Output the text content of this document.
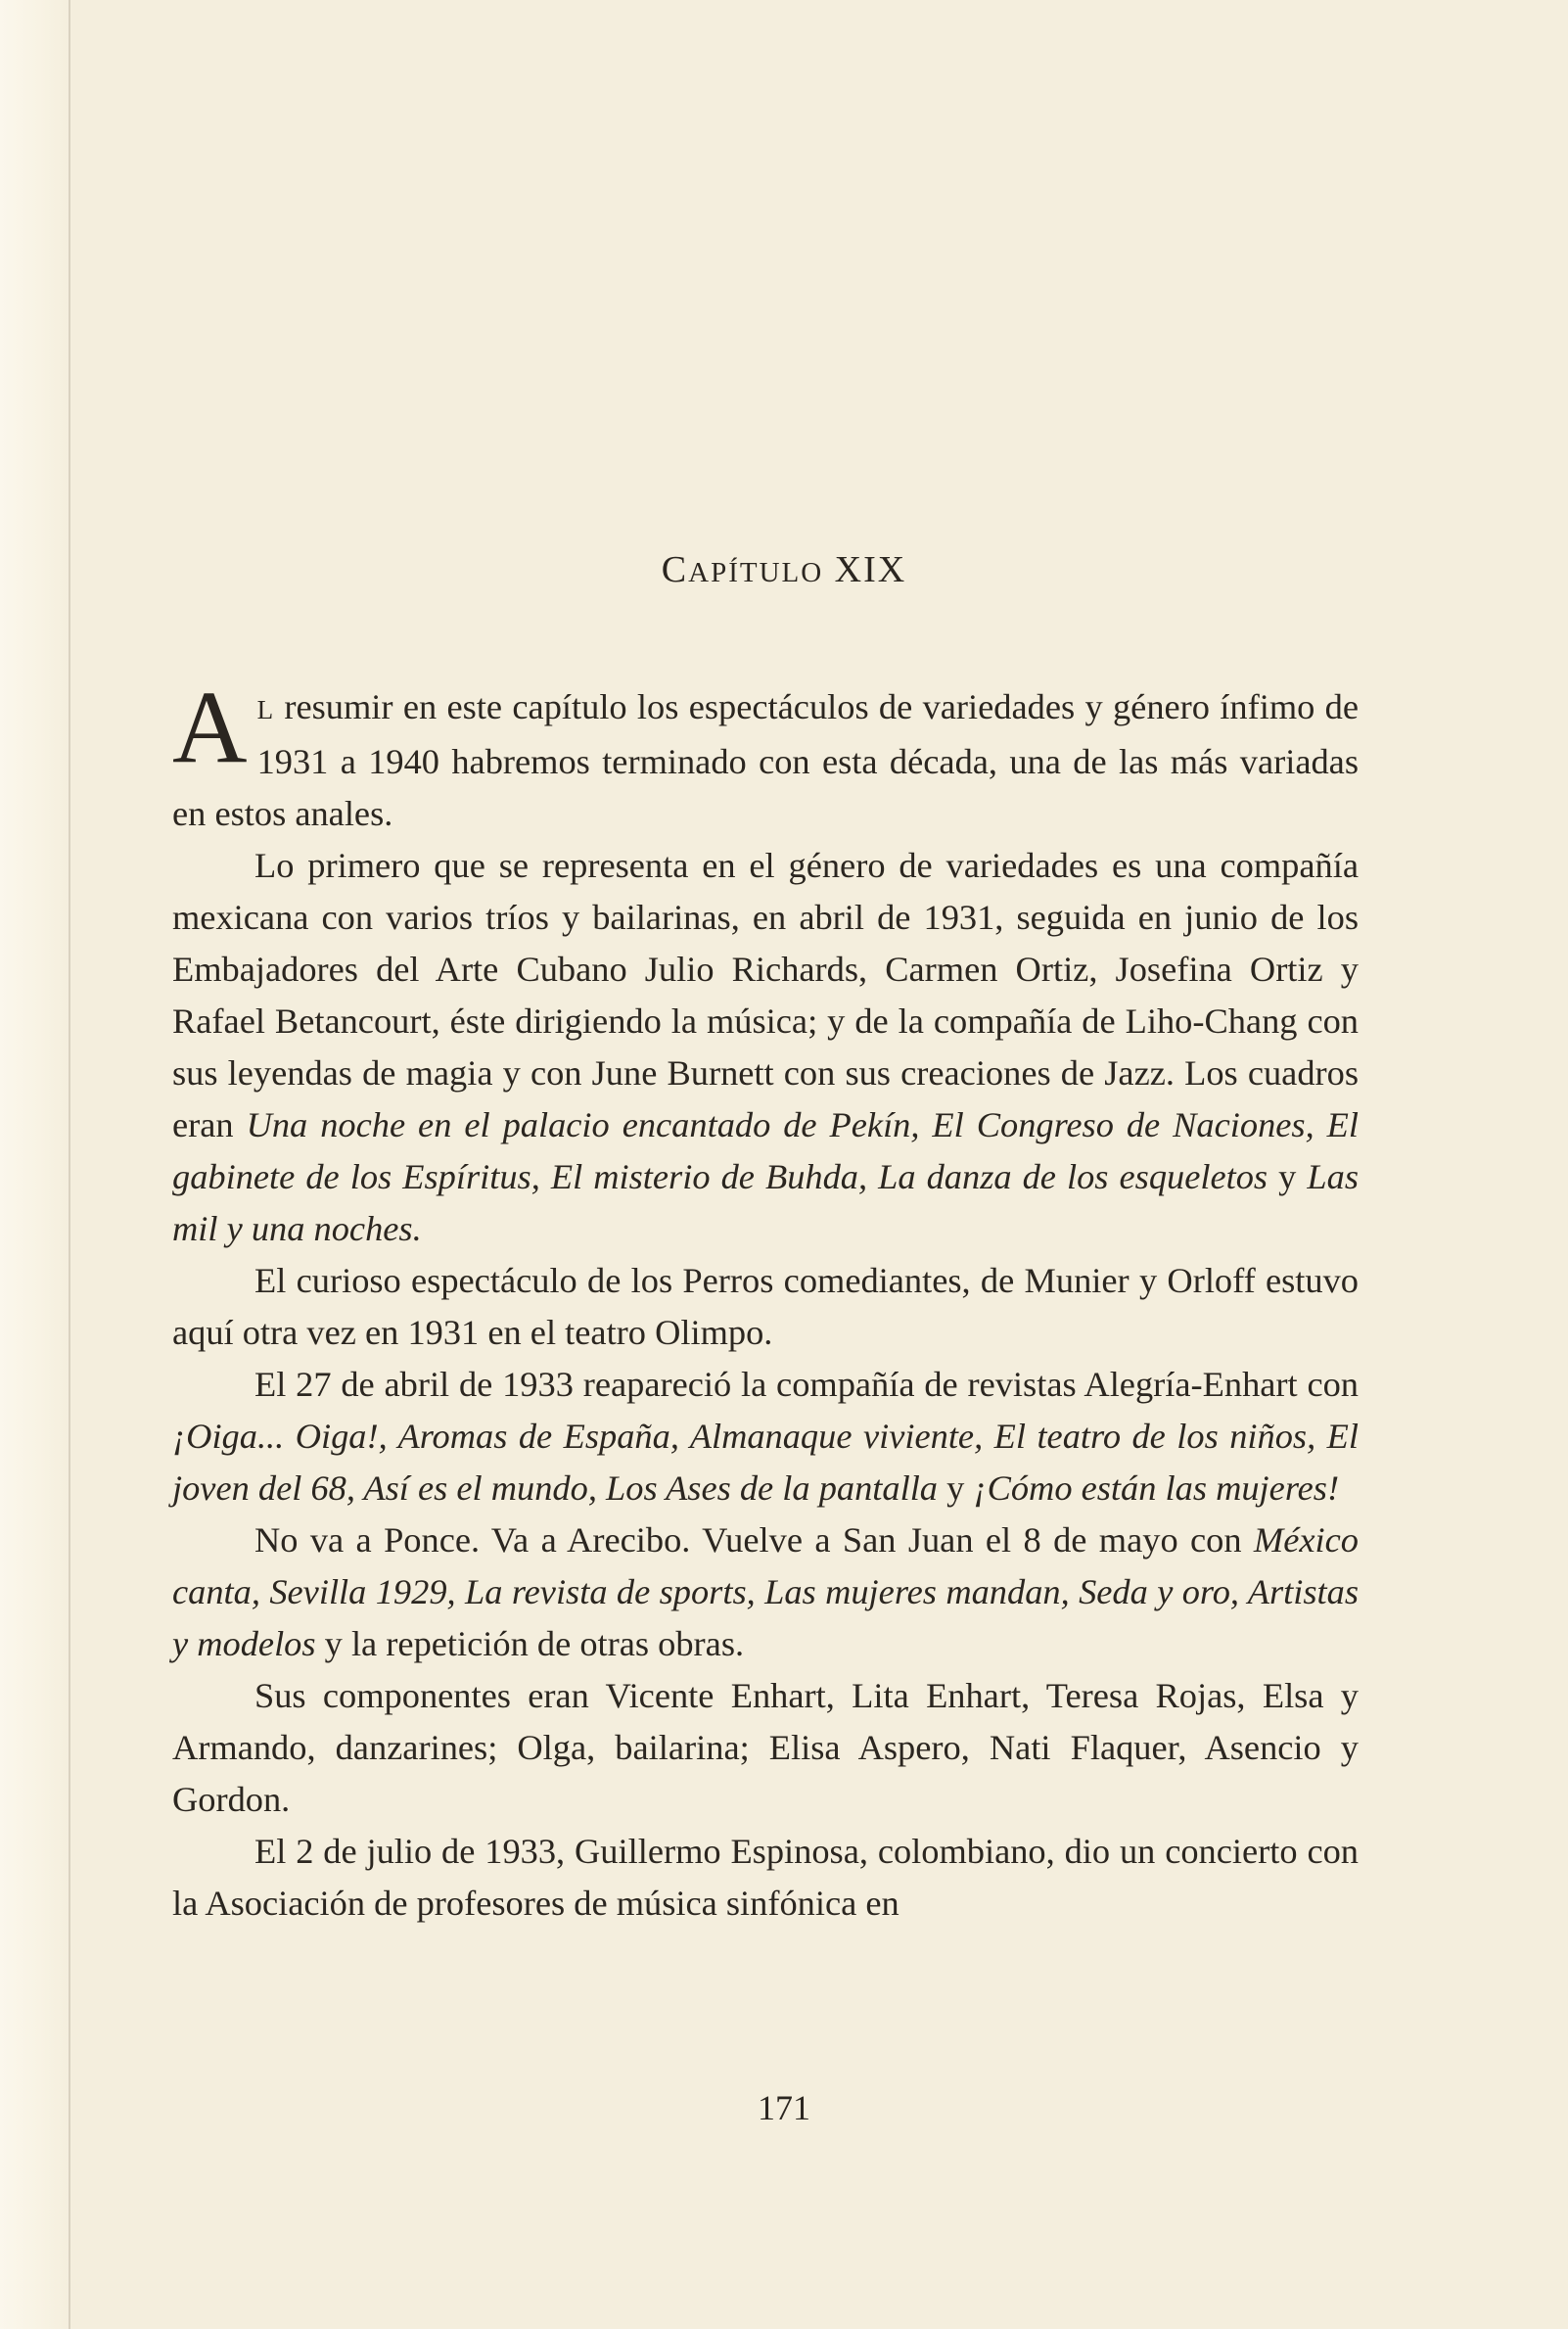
CAPÍTULO XIX

A L resumir en este capítulo los espectáculos de variedades y género ínfimo de 1931 a 1940 habremos terminado con esta década, una de las más variadas en estos anales.

Lo primero que se representa en el género de variedades es una compañía mexicana con varios tríos y bailarinas, en abril de 1931, seguida en junio de los Embajadores del Arte Cubano Julio Richards, Carmen Ortiz, Josefina Ortiz y Rafael Betancourt, éste dirigiendo la música; y de la compañía de Liho-Chang con sus leyendas de magia y con June Burnett con sus creaciones de Jazz. Los cuadros eran Una noche en el palacio encantado de Pekín, El Congreso de Naciones, El gabinete de los Espíritus, El misterio de Buhda, La danza de los esqueletos y Las mil y una noches.

El curioso espectáculo de los Perros comediantes, de Munier y Orloff estuvo aquí otra vez en 1931 en el teatro Olimpo.

El 27 de abril de 1933 reapareció la compañía de revistas Alegría-Enhart con ¡Oiga... Oiga!, Aromas de España, Almanaque viviente, El teatro de los niños, El joven del 68, Así es el mundo, Los Ases de la pantalla y ¡Cómo están las mujeres!

No va a Ponce. Va a Arecibo. Vuelve a San Juan el 8 de mayo con México canta, Sevilla 1929, La revista de sports, Las mujeres mandan, Seda y oro, Artistas y modelos y la repetición de otras obras.

Sus componentes eran Vicente Enhart, Lita Enhart, Teresa Rojas, Elsa y Armando, danzarines; Olga, bailarina; Elisa Aspero, Nati Flaquer, Asencio y Gordon.

El 2 de julio de 1933, Guillermo Espinosa, colombiano, dio un concierto con la Asociación de profesores de música sinfónica en

171
